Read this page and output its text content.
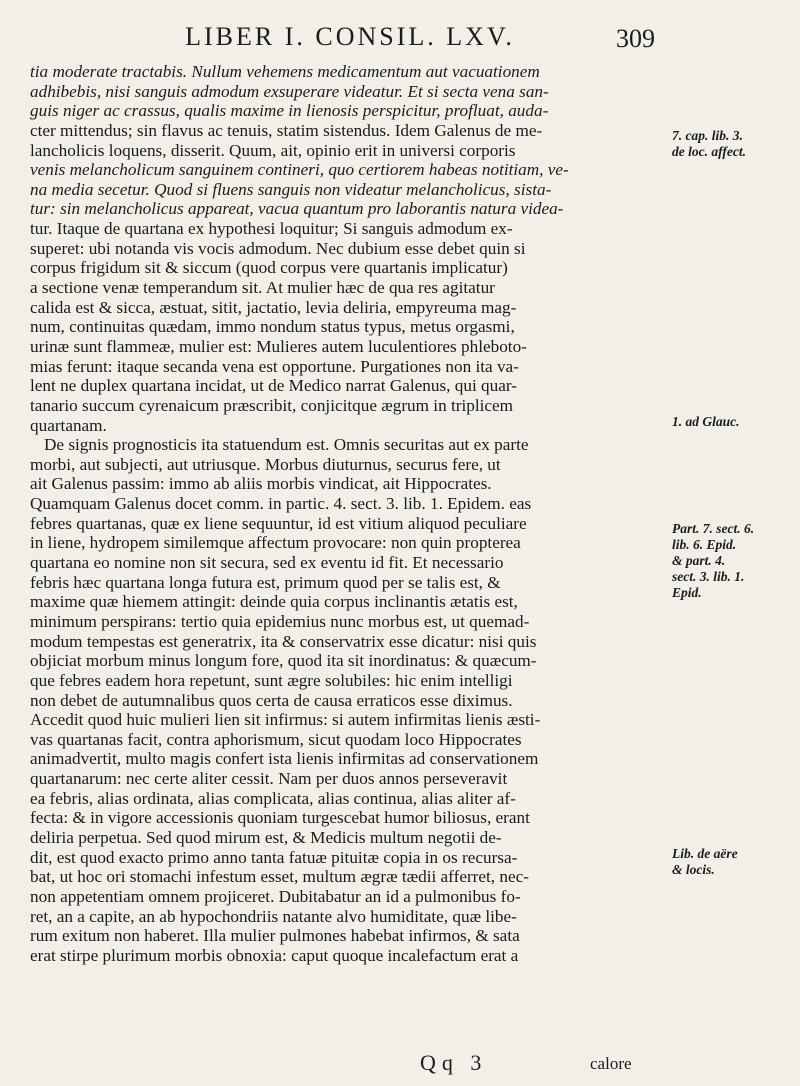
LIBER I. CONSIL. LXV.	309
tia moderate tractabis. Nullum vehemens medicamentum aut vacuationem
adhibebis, nisi sanguis admodum exsuperare videatur. Et si secta vena san-
guis niger ac crassus, qualis maxime in lienosis perspicitur, profluat, auda-
cter mittendus; sin flavus ac tenuis, statim sistendus. Idem Galenus de me-
lancholicis loquens, disserit. Quum, ait, opinio erit in universi corporis
venis melancholicum sanguinem contineri, quo certiorem habeas notitiam, ve-
na media secetur. Quod si fluens sanguis non videatur melancholicus, sista-
tur: sin melancholicus appareat, vacua quantum pro laborantis natura videa-
tur. Itaque de quartana ex hypothesi loquitur; Si sanguis admodum ex-
superet: ubi notanda vis vocis admodum. Nec dubium esse debet quin si
corpus frigidum sit & siccum (quod corpus vere quartanis implicatur)
a sectione venæ temperandum sit. At mulier hæc de qua res agitatur
calida est & sicca, æstuat, sitit, jactatio, levia deliria, empyreuma mag-
num, continuitas quædam, immo nondum status typus, metus orgasmi,
urinæ sunt flammeæ, mulier est: Mulieres autem luculentiores phleboto-
mias ferunt: itaque secanda vena est opportune. Purgationes non ita va-
lent ne duplex quartana incidat, ut de Medico narrat Galenus, qui quar-
tanario succum cyrenaicum præscribit, conjicitque ægrum in triplicem
quartanam.
De signis prognosticis ita statuendum est. Omnis securitas aut ex parte
morbi, aut subjecti, aut utriusque. Morbus diuturnus, securus fere, ut
ait Galenus passim: immo ab aliis morbis vindicat, ait Hippocrates.
Quamquam Galenus docet comm. in partic. 4. sect. 3. lib. 1. Epidem. eas
febres quartanas, quæ ex liene sequuntur, id est vitium aliquod peculiare
in liene, hydropem similemque affectum provocare: non quin propterea
quartana eo nomine non sit secura, sed ex eventu id fit. Et necessario
febris hæc quartana longa futura est, primum quod per se talis est, &
maxime quæ hiemem attingit: deinde quia corpus inclinantis ætatis est,
minimum perspirans: tertio quia epidemius nunc morbus est, ut quemad-
modum tempestas est generatrix, ita & conservatrix esse dicatur: nisi quis
objiciat morbum minus longum fore, quod ita sit inordinatus: & quæcum-
que febres eadem hora repetunt, sunt ægre solubiles: hic enim intelligi
non debet de autumnalibus quos certa de causa erraticos esse diximus.
Accedit quod huic mulieri lien sit infirmus: si autem infirmitas lienis æsti-
vas quartanas facit, contra aphorismum, sicut quodam loco Hippocrates
animadvertit, multo magis confert ista lienis infirmitas ad conservationem
quartanarum: nec certe aliter cessit. Nam per duos annos perseveravit
ea febris, alias ordinata, alias complicata, alias continua, alias aliter af-
fecta: & in vigore accessionis quoniam turgescebat humor biliosus, erant
deliria perpetua. Sed quod mirum est, & Medicis multum negotii de-
dit, est quod exacto primo anno tanta fatuæ pituitæ copia in os recursa-
bat, ut hoc ori stomachi infestum esset, multum ægræ tædii afferret, nec-
non appetentiam omnem projiceret. Dubitabatur an id a pulmonibus fo-
ret, an a capite, an ab hypochondriis natante alvo humiditate, quæ libe-
rum exitum non haberet. Illa mulier pulmones habebat infirmos, & sata
erat stirpe plurimum morbis obnoxia: caput quoque incalefactum erat a
7. cap. lib. 3.
de loc. affect.
1. ad Glauc.
Part. 7. sect. 6.
lib. 6. Epid.
& part. 4.
sect. 3. lib. 1.
Epid.
Lib. de aëre
& locis.
Qq 3	calore
